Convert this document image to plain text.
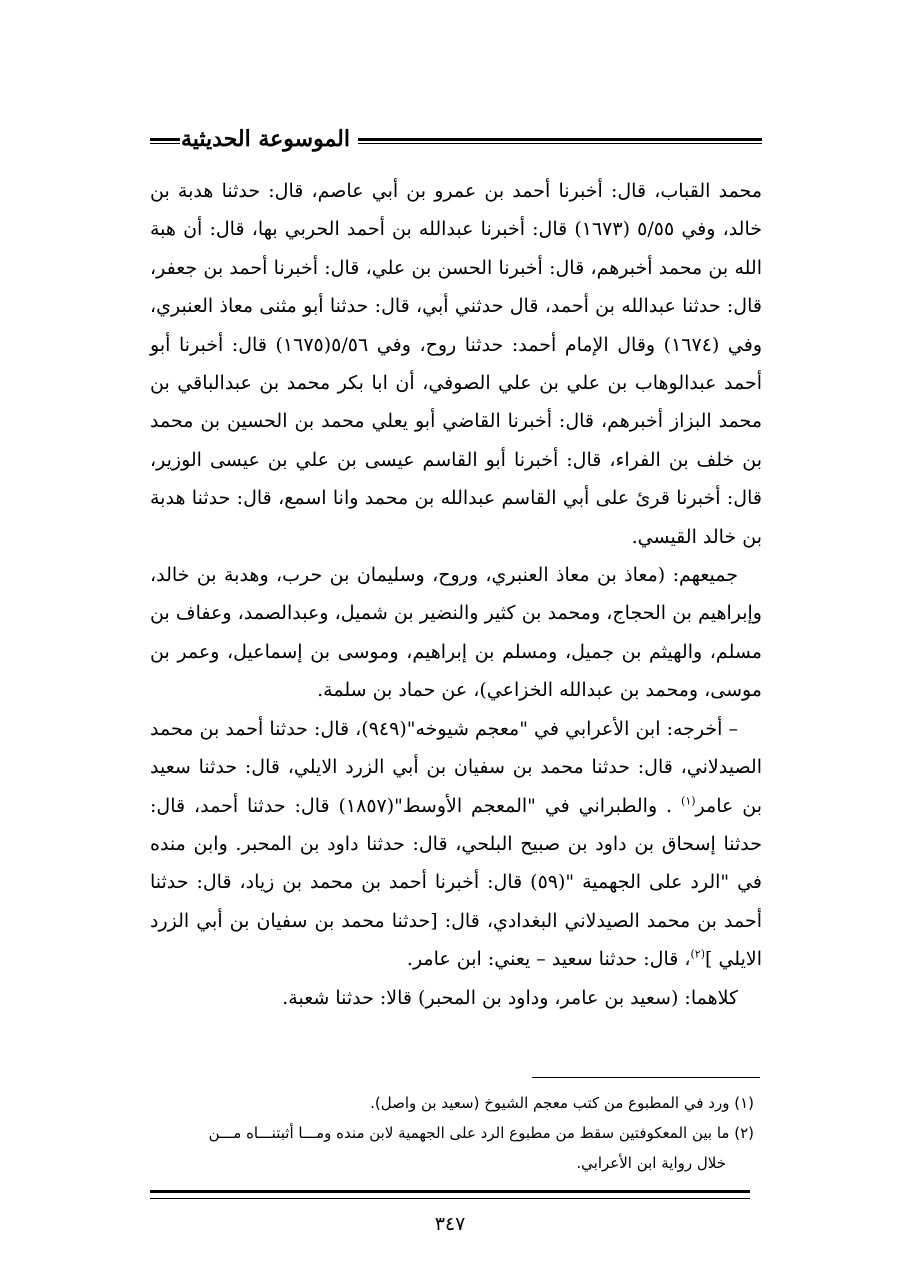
الموسوعة الحديثية

محمد القباب، قال: أخبرنا أحمد بن عمرو بن أبي عاصم، قال: حدثنا هدبة بن خالد، وفي ٥/٥٥ (١٦٧٣) قال: أخبرنا عبدالله بن أحمد الحربي بها، قال: أن هبة الله بن محمد أخبرهم، قال: أخبرنا الحسن بن علي، قال: أخبرنا أحمد بن جعفر، قال: حدثنا عبدالله بن أحمد، قال حدثني أبي، قال: حدثنا أبو مثنى معاذ العنبري، وفي (١٦٧٤) وقال الإمام أحمد: حدثنا روح، وفي ٥/٥٦(١٦٧٥) قال: أخبرنا أبو أحمد عبدالوهاب بن علي بن علي الصوفي، أن ابا بكر محمد بن عبدالباقي بن محمد البزاز أخبرهم، قال: أخبرنا القاضي أبو يعلي محمد بن الحسين بن محمد بن خلف بن الفراء، قال: أخبرنا أبو القاسم عيسى بن علي بن عيسى الوزير، قال: أخبرنا قرئ على أبي القاسم عبدالله بن محمد وانا اسمع، قال: حدثنا هدبة بن خالد القيسي.

جميعهم: (معاذ بن معاذ العنبري، وروح، وسليمان بن حرب، وهدبة بن خالد، وإبراهيم بن الحجاج، ومحمد بن كثير والنضير بن شميل، وعبدالصمد، وعفاف بن مسلم، والهيثم بن جميل، ومسلم بن إبراهيم، وموسى بن إسماعيل، وعمر بن موسى، ومحمد بن عبدالله الخزاعي)، عن حماد بن سلمة.

– أخرجه: ابن الأعرابي في "معجم شيوخه"(٩٤٩)، قال: حدثنا أحمد بن محمد الصيدلاني، قال: حدثنا محمد بن سفيان بن أبي الزرد الايلي، قال: حدثنا سعيد بن عامر$^{(١)}$ . والطبراني في "المعجم الأوسط"(١٨٥٧) قال: حدثنا أحمد، قال: حدثنا إسحاق بن داود بن صبيح البلحي، قال: حدثنا داود بن المحبر. وابن منده في "الرد على الجهمية "(٥٩) قال: أخبرنا أحمد بن محمد بن زياد، قال: حدثنا أحمد بن محمد الصيدلاني البغدادي، قال: [حدثنا محمد بن سفيان بن أبي الزرد الايلي ]$^{(٢)}$، قال: حدثنا سعيد – يعني: ابن عامر.

كلاهما: (سعيد بن عامر، وداود بن المحبر) قالا: حدثنا شعبة.

(١) ورد في المطبوع من كتب معجم الشيوخ (سعيد بن واصل).

(٢) ما بين المعكوفتين سقط من مطبوع الرد على الجهمية لابن منده ومـــا أثبتنـــاه مـــن

خلال رواية ابن الأعرابي.

٣٤٧
